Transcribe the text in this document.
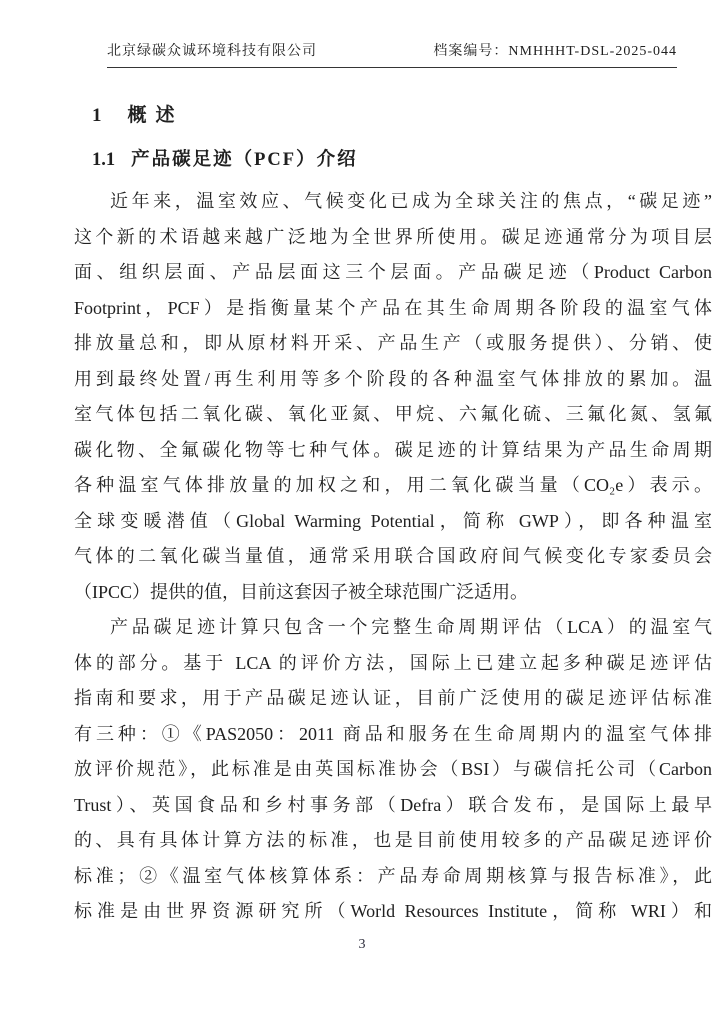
北京绿碳众诚环境科技有限公司	档案编号：NMHHHT-DSL-2025-044
1 概述
1.1 产品碳足迹（PCF）介绍
近年来，温室效应、气候变化已成为全球关注的焦点，“碳足迹”
这个新的术语越来越广泛地为全世界所使用。碳足迹通常分为项目层
面、组织层面、产品层面这三个层面。产品碳足迹（Product Carbon
Footprint，PCF）是指衡量某个产品在其生命周期各阶段的温室气体
排放量总和，即从原材料开采、产品生产（或服务提供）、分销、使
用到最终处置/再生利用等多个阶段的各种温室气体排放的累加。温
室气体包括二氧化碳、氧化亚氮、甲烷、六氟化硫、三氟化氮、氢氟
碳化物、全氟碳化物等七种气体。碳足迹的计算结果为产品生命周期
各种温室气体排放量的加权之和，用二氧化碳当量（CO₂e）表示。
全球变暖潜值（Global Warming Potential，简称 GWP），即各种温室
气体的二氧化碳当量值，通常采用联合国政府间气候变化专家委员会
（IPCC）提供的值，目前这套因子被全球范围广泛适用。
产品碳足迹计算只包含一个完整生命周期评估（LCA）的温室气
体的部分。基于 LCA 的评价方法，国际上已建立起多种碳足迹评估
指南和要求，用于产品碳足迹认证，目前广泛使用的碳足迹评估标准
有三种：①《PAS2050：2011 商品和服务在生命周期内的温室气体排
放评价规范》，此标准是由英国标准协会（BSI）与碳信托公司（Carbon
Trust）、英国食品和乡村事务部（Defra）联合发布，是国际上最早
的、具有具体计算方法的标准，也是目前使用较多的产品碳足迹评价
标准；②《温室气体核算体系：产品寿命周期核算与报告标准》，此
标准是由世界资源研究所（World Resources Institute，简称 WRI）和
3
